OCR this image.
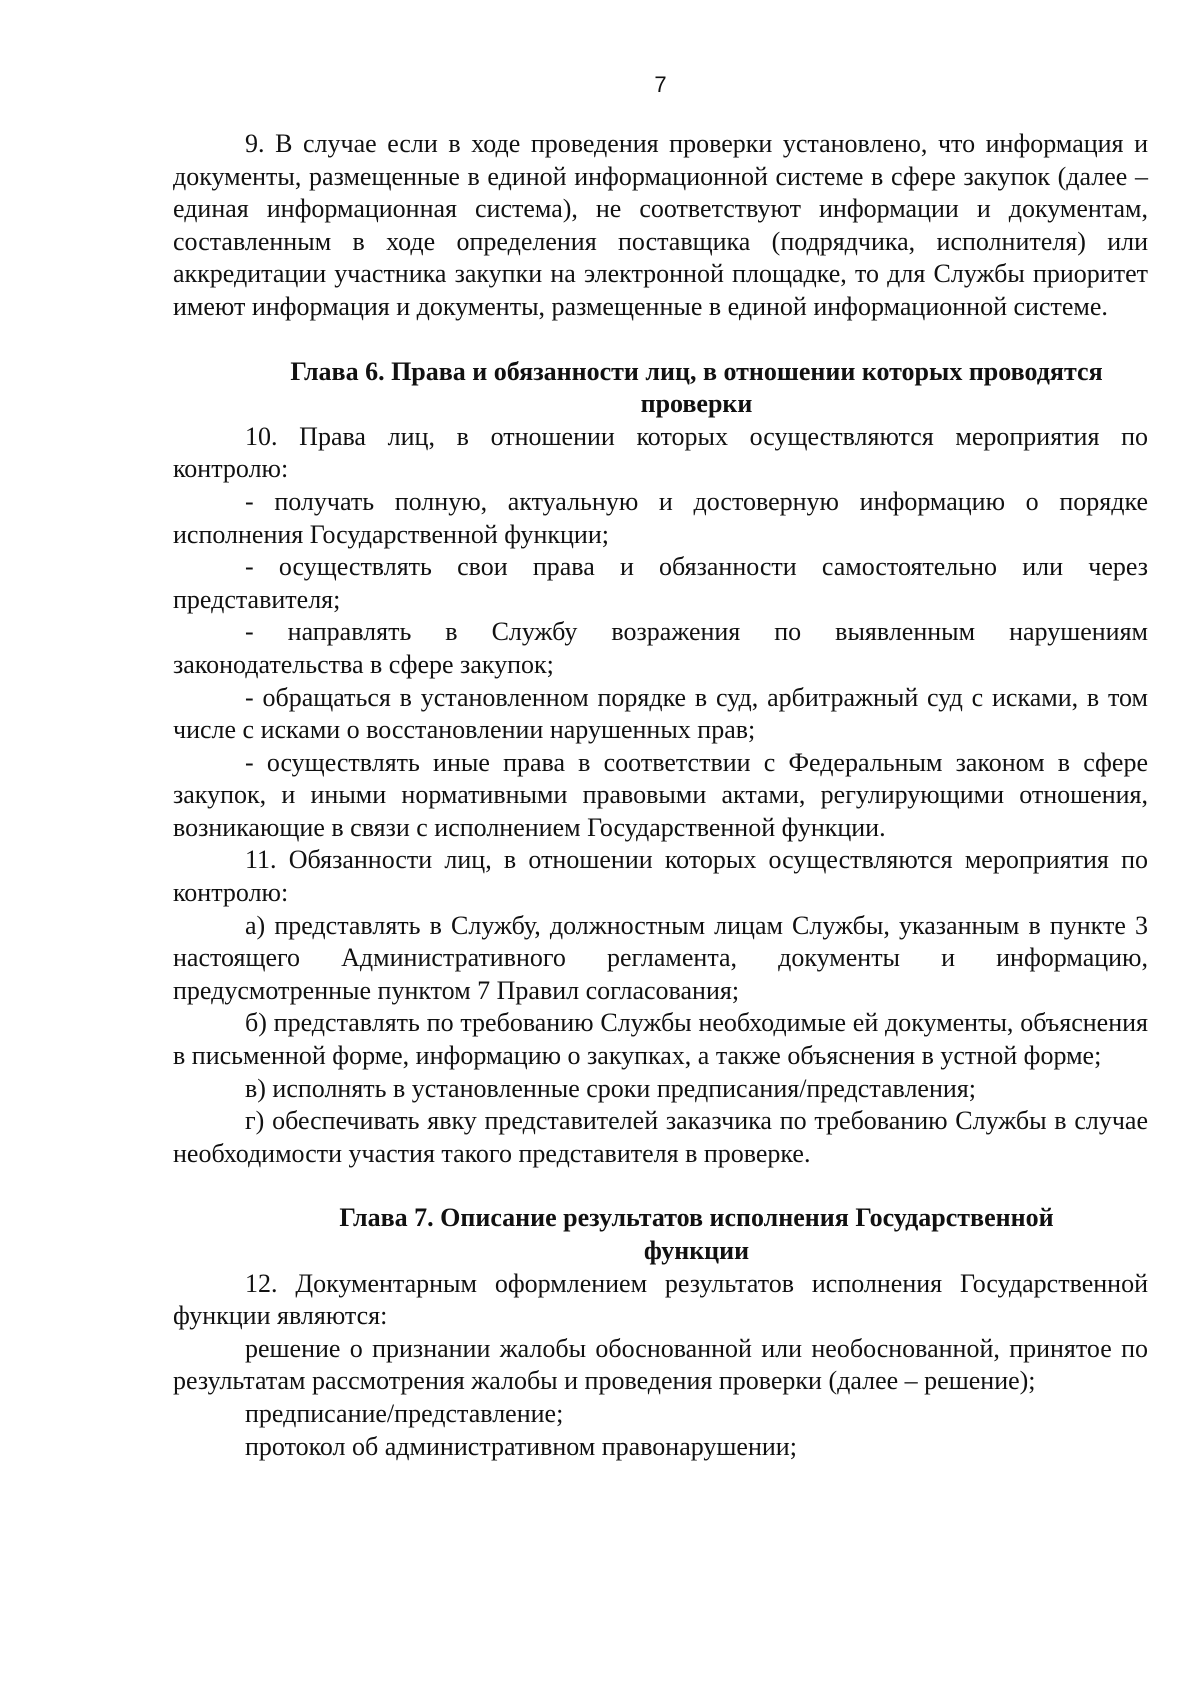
7

9. В случае если в ходе проведения проверки установлено, что информация и документы, размещенные в единой информационной системе в сфере закупок (далее – единая информационная система), не соответствуют информации и документам, составленным в ходе определения поставщика (подрядчика, исполнителя) или аккредитации участника закупки на электронной площадке, то для Службы приоритет имеют информация и документы, размещенные в единой информационной системе.

Глава 6. Права и обязанности лиц, в отношении которых проводятся
проверки

10. Права лиц, в отношении которых осуществляются мероприятия по контролю:

- получать полную, актуальную и достоверную информацию о порядке исполнения Государственной функции;

- осуществлять свои права и обязанности самостоятельно или через представителя;

- направлять в Службу возражения по выявленным нарушениям законодательства в сфере закупок;

- обращаться в установленном порядке в суд, арбитражный суд с исками, в том числе с исками о восстановлении нарушенных прав;

- осуществлять иные права в соответствии с Федеральным законом в сфере закупок, и иными нормативными правовыми актами, регулирующими отношения, возникающие в связи с исполнением Государственной функции.

11. Обязанности лиц, в отношении которых осуществляются мероприятия по контролю:

а) представлять в Службу, должностным лицам Службы, указанным в пункте 3 настоящего Административного регламента, документы и информацию, предусмотренные пунктом 7 Правил согласования;

б) представлять по требованию Службы необходимые ей документы, объяснения в письменной форме, информацию о закупках, а также объяснения в устной форме;

в) исполнять в установленные сроки предписания/представления;

г) обеспечивать явку представителей заказчика по требованию Службы в случае необходимости участия такого представителя в проверке.

Глава 7. Описание результатов исполнения Государственной
функции

12. Документарным оформлением результатов исполнения Государственной функции являются:

решение о признании жалобы обоснованной или необоснованной, принятое по результатам рассмотрения жалобы и проведения проверки (далее – решение);

предписание/представление;

протокол об административном правонарушении;
